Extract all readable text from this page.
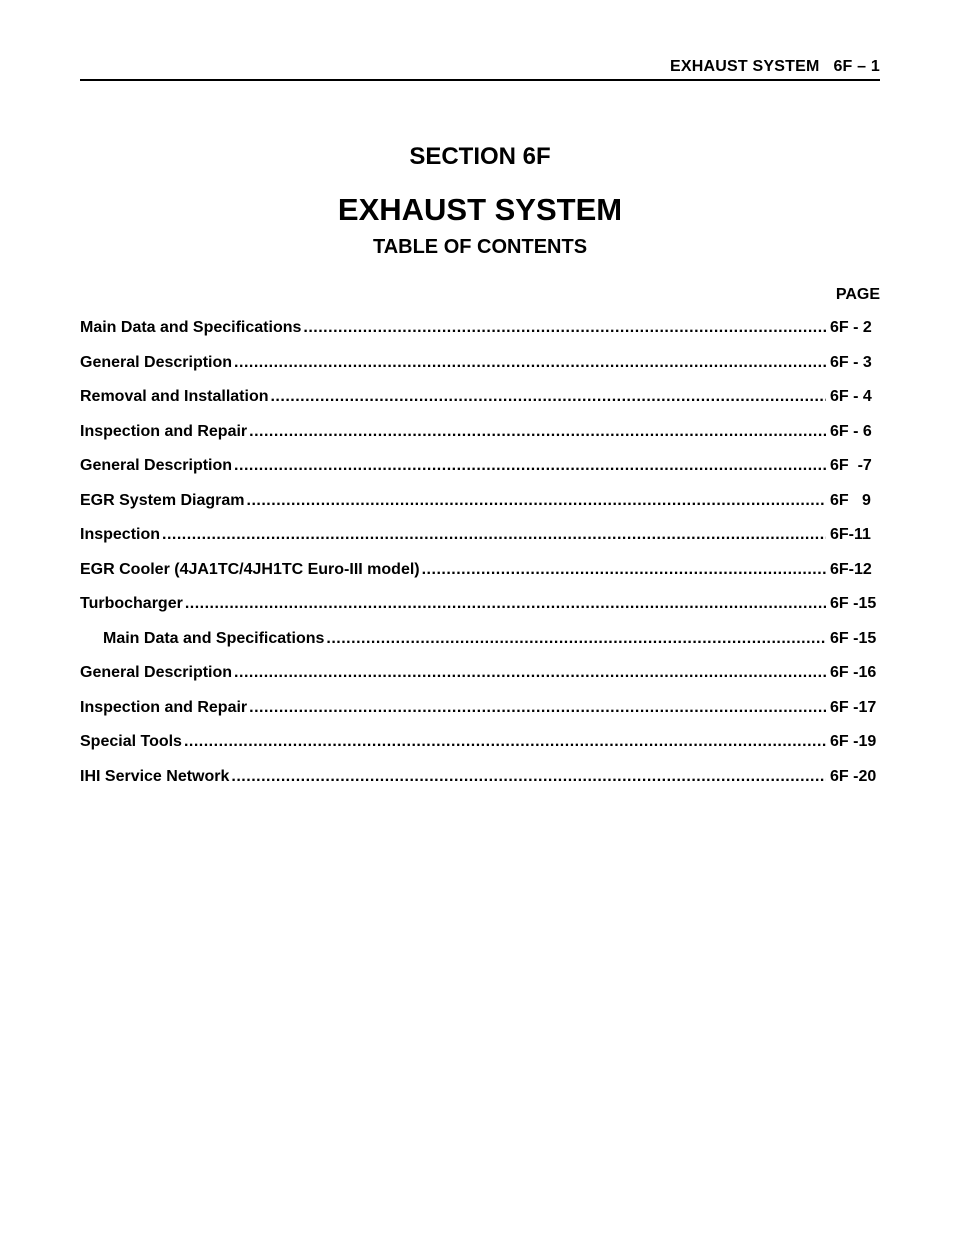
EXHAUST SYSTEM   6F – 1
SECTION 6F
EXHAUST SYSTEM
TABLE OF CONTENTS
PAGE
Main Data and Specifications .....	6F - 2
General Description .....	6F - 3
Removal and Installation .....	6F - 4
Inspection and Repair .....	6F - 6
General Description .....	6F  -7
EGR System Diagram .....	6F   9
Inspection .....	6F-11
EGR Cooler (4JA1TC/4JH1TC Euro-III model) .....	6F-12
Turbocharger .....	6F -15
Main Data and Specifications .....	6F -15
General Description .....	6F -16
Inspection and Repair .....	6F -17
Special Tools .....	6F -19
IHI Service Network .....	6F -20
